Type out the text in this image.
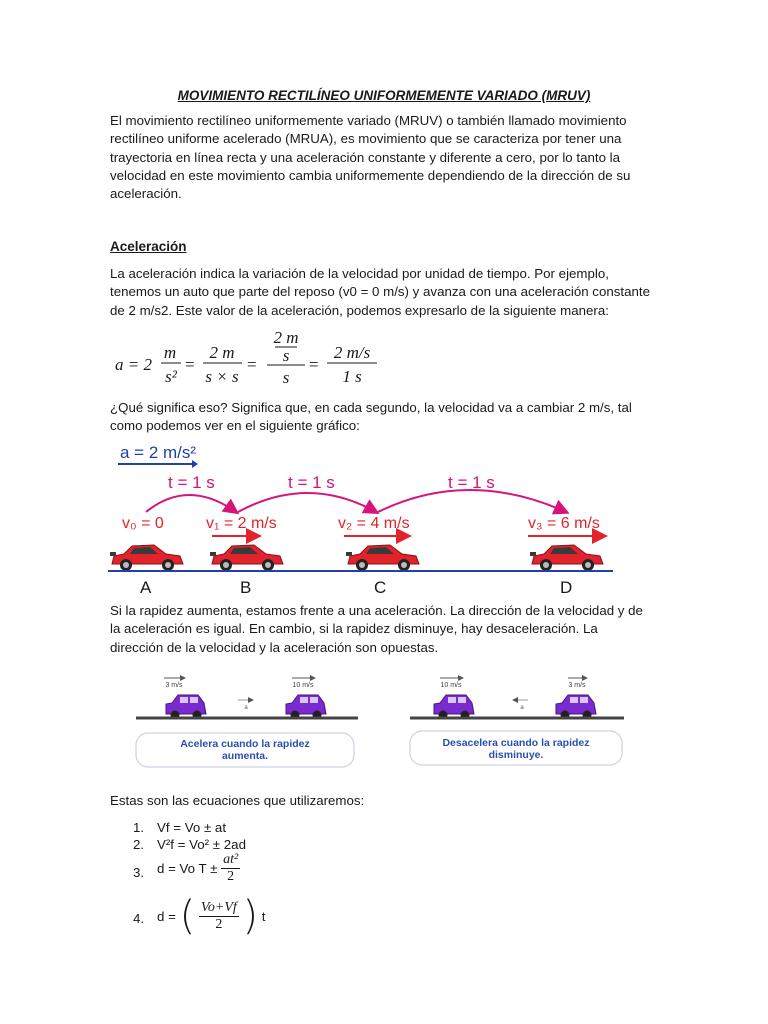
MOVIMIENTO RECTILÍNEO UNIFORMEMENTE VARIADO (MRUV)

El movimiento rectilíneo uniformemente variado (MRUV) o también llamado movimiento rectilíneo uniforme acelerado (MRUA), es movimiento que se caracteriza por tener una trayectoria en línea recta y una aceleración constante y diferente a cero, por lo tanto la velocidad en este movimiento cambia uniformemente dependiendo de la dirección de su aceleración.

Aceleración

La aceleración indica la variación de la velocidad por unidad de tiempo. Por ejemplo, tenemos un auto que parte del reposo (v0 = 0 m/s) y avanza con una aceleración constante de 2 m/s2. Este valor de la aceleración, podemos expresarlo de la siguiente manera:

a = 2
m
s²
=
2 m
s × s
=
2 m
s
s
=
2 m/s
1 s

¿Qué significa eso? Significa que, en cada segundo, la velocidad va a cambiar 2 m/s, tal como podemos ver en el siguiente gráfico:

a = 2 m/s²
t = 1 s	t = 1 s	t = 1 s
v₀ = 0	v₁ = 2 m/s	v₂ = 4 m/s	v₃ = 6 m/s
A	B	C	D

Si la rapidez aumenta, estamos frente a una aceleración. La dirección de la velocidad y de la aceleración es igual. En cambio, si la rapidez disminuye, hay desaceleración. La dirección de la velocidad y la aceleración son opuestas.

3 m/s	10 m/s
a
10 m/s	3 m/s
a
Acelera cuando la rapidez aumenta.
Desacelera cuando la rapidez disminuye.

Estas son las ecuaciones que utilizaremos:

1. Vf = Vo ± at
2. V²f = Vo² ± 2ad
3. d = Vo $T \pm \frac{\text{at²}}{2}$
4. d = ( $\frac{Vo+Vf}{2}$ ) t
